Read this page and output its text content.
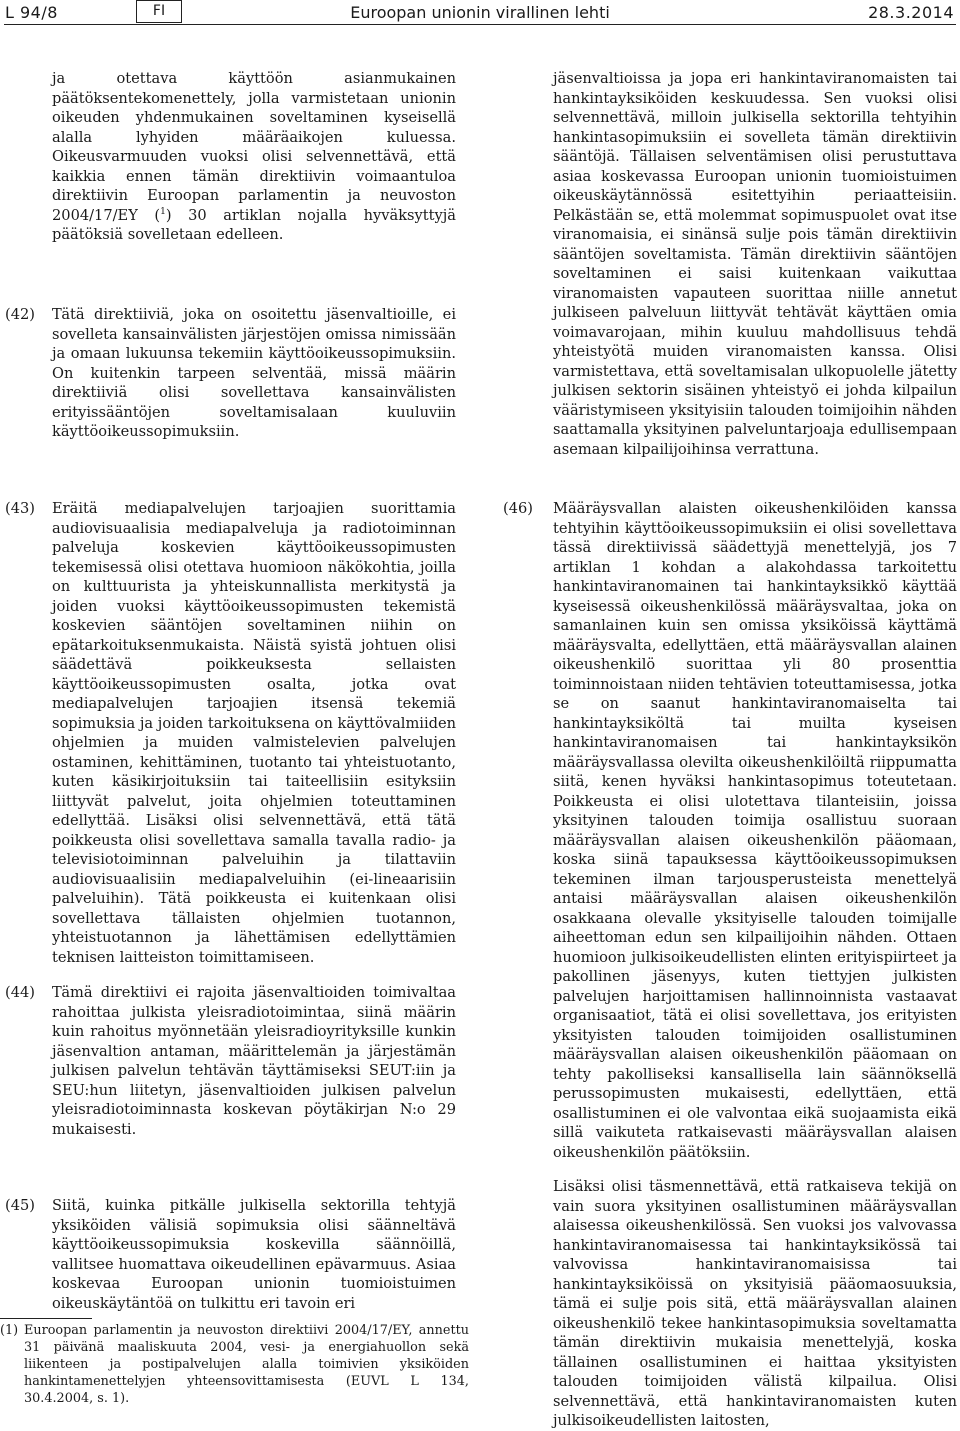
L 94/8	FI	Euroopan unionin virallinen lehti	28.3.2014

ja otettava käyttöön asianmukainen päätöksentekomenettely, jolla varmistetaan unionin oikeuden yhdenmukainen soveltaminen kyseisellä alalla lyhyiden määräaikojen kuluessa. Oikeusvarmuuden vuoksi olisi selvennettävä, että kaikkia ennen tämän direktiivin voimaantuloa direktiivin Euroopan parlamentin ja neuvoston 2004/17/EY ($^1$) 30 artiklan nojalla hyväksyttyjä päätöksiä sovelletaan edelleen.

(42) Tätä direktiiviä, joka on osoitettu jäsenvaltioille, ei sovelleta kansainvälisten järjestöjen omissa nimissään ja omaan lukuunsa tekemiin käyttöoikeussopimuksiin. On kuitenkin tarpeen selventää, missä määrin direktiiviä olisi sovellettava kansainvälisten erityissääntöjen soveltamisalaan kuuluviin käyttöoikeussopimuksiin.

jäsenvaltioissa ja jopa eri hankintaviranomaisten tai hankintayksiköiden keskuudessa. Sen vuoksi olisi selvennettävä, milloin julkisella sektorilla tehtyihin hankintasopimuksiin ei sovelleta tämän direktiivin sääntöjä. Tällaisen selventämisen olisi perustuttava asiaa koskevassa Euroopan unionin tuomioistuimen oikeuskäytännössä esitettyihin periaatteisiin. Pelkästään se, että molemmat sopimuspuolet ovat itse viranomaisia, ei sinänsä sulje pois tämän direktiivin sääntöjen soveltamista. Tämän direktiivin sääntöjen soveltaminen ei saisi kuitenkaan vaikuttaa viranomaisten vapauteen suorittaa niille annetut julkiseen palveluun liittyvät tehtävät käyttäen omia voimavarojaan, mihin kuuluu mahdollisuus tehdä yhteistyötä muiden viranomaisten kanssa. Olisi varmistettava, että soveltamisalan ulkopuolelle jätetty julkisen sektorin sisäinen yhteistyö ei johda kilpailun vääristymiseen yksityisiin talouden toimijoihin nähden saattamalla yksityinen palveluntarjoaja edullisempaan asemaan kilpailijoihinsa verrattuna.

(43) Eräitä mediapalvelujen tarjoajien suorittamia audiovisuaalisia mediapalveluja ja radiotoiminnan palveluja koskevien käyttöoikeussopimusten tekemisessä olisi otettava huomioon näkökohtia, joilla on kulttuurista ja yhteiskunnallista merkitystä ja joiden vuoksi käyttöoikeussopimusten tekemistä koskevien sääntöjen soveltaminen niihin on epätarkoituksenmukaista. Näistä syistä johtuen olisi säädettävä poikkeuksesta sellaisten käyttöoikeussopimusten osalta, jotka ovat mediapalvelujen tarjoajien itsensä tekemiä sopimuksia ja joiden tarkoituksena on käyttövalmiiden ohjelmien ja muiden valmistelevien palvelujen ostaminen, kehittäminen, tuotanto tai yhteistuotanto, kuten käsikirjoituksiin tai taiteellisiin esityksiin liittyvät palvelut, joita ohjelmien toteuttaminen edellyttää. Lisäksi olisi selvennettävä, että tätä poikkeusta olisi sovellettava samalla tavalla radio- ja televisiotoiminnan palveluihin ja tilattaviin audiovisuaalisiin mediapalveluihin (ei-lineaarisiin palveluihin). Tätä poikkeusta ei kuitenkaan olisi sovellettava tällaisten ohjelmien tuotannon, yhteistuotannon ja lähettämisen edellyttämien teknisen laitteiston toimittamiseen.
(44) Tämä direktiivi ei rajoita jäsenvaltioiden toimivaltaa rahoittaa julkista yleisradiotoimintaa, siinä määrin kuin rahoitus myönnetään yleisradioyrityksille kunkin jäsenvaltion antaman, määrittelemän ja järjestämän julkisen palvelun tehtävän täyttämiseksi SEUT:iin ja SEU:hun liitetyn, jäsenvaltioiden julkisen palvelun yleisradiotoiminnasta koskevan pöytäkirjan N:o 29 mukaisesti.
(46) Määräysvallan alaisten oikeushenkilöiden kanssa tehtyihin käyttöoikeussopimuksiin ei olisi sovellettava tässä direktiivissä säädettyjä menettelyjä, jos 7 artiklan 1 kohdan a alakohdassa tarkoitettu hankintaviranomainen tai hankintayksikkö käyttää kyseisessä oikeushenkilössä määräysvaltaa, joka on samanlainen kuin sen omissa yksiköissä käyttämä määräysvalta, edellyttäen, että määräysvallan alainen oikeushenkilö suorittaa yli 80 prosenttia toiminnoistaan niiden tehtävien toteuttamisessa, jotka se on saanut hankintaviranomaiselta tai hankintayksiköltä tai muilta kyseisen hankintaviranomaisen tai hankintayksikön määräysvallassa olevilta oikeushenkilöiltä riippumatta siitä, kenen hyväksi hankintasopimus toteutetaan. Poikkeusta ei olisi ulotettava tilanteisiin, joissa yksityinen talouden toimija osallistuu suoraan määräysvallan alaisen oikeushenkilön pääomaan, koska siinä tapauksessa käyttöoikeussopimuksen tekeminen ilman tarjousperusteista menettelyä antaisi määräysvallan alaisen oikeushenkilön osakkaana olevalle yksityiselle talouden toimijalle aiheettoman edun sen kilpailijoihin nähden. Ottaen huomioon julkisoikeudellisten elinten erityispiirteet ja pakollinen jäsenyys, kuten tiettyjen julkisten palvelujen harjoittamisen hallinnoinnista vastaavat organisaatiot, tätä ei olisi sovellettava, jos erityisten yksityisten talouden toimijoiden osallistuminen määräysvallan alaisen oikeushenkilön pääomaan on tehty pakolliseksi kansallisella lain säännöksellä perussopimusten mukaisesti, edellyttäen, että osallistuminen ei ole valvontaa eikä suojaamista eikä sillä vaikuteta ratkaisevasti määräysvallan alaisen oikeushenkilön päätöksiin.
(45) Siitä, kuinka pitkälle julkisella sektorilla tehtyjä yksiköiden välisiä sopimuksia olisi säänneltävä käyttöoikeussopimuksia koskevilla säännöillä, vallitsee huomattava oikeudellinen epävarmuus. Asiaa koskevaa Euroopan unionin tuomioistuimen oikeuskäytäntöä on tulkittu eri tavoin eri

Lisäksi olisi täsmennettävä, että ratkaiseva tekijä on vain suora yksityinen osallistuminen määräysvallan alaisessa oikeushenkilössä. Sen vuoksi jos valvovassa hankintaviranomaisessa tai hankintayksikössä tai valvovissa hankintaviranomaisissa tai hankintayksiköissä on yksityisiä pääomaosuuksia, tämä ei sulje pois sitä, että määräysvallan alainen oikeushenkilö tekee hankintasopimuksia soveltamatta tämän direktiivin mukaisia menettelyjä, koska tällainen osallistuminen ei haittaa yksityisten talouden toimijoiden välistä kilpailua. Olisi selvennettävä, että hankintaviranomaisten kuten julkisoikeudellisten laitosten,

(1) Euroopan parlamentin ja neuvoston direktiivi 2004/17/EY, annettu 31 päivänä maaliskuuta 2004, vesi- ja energiahuollon sekä liikenteen ja postipalvelujen alalla toimivien yksiköiden hankintamenettelyjen yhteensovittamisesta (EUVL L 134, 30.4.2004, s. 1).
